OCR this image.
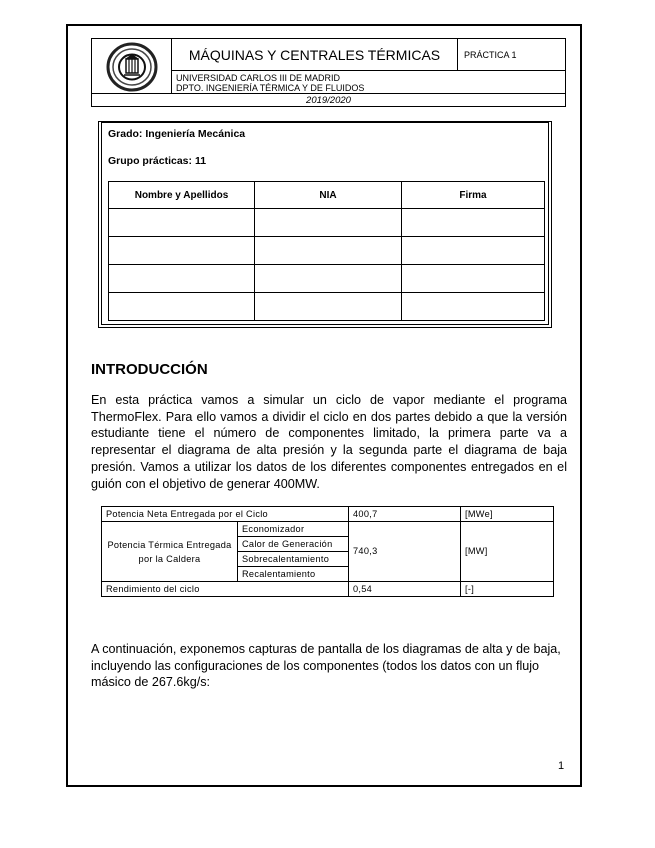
MÁQUINAS Y CENTRALES TÉRMICAS	PRÁCTICA 1
UNIVERSIDAD CARLOS III DE MADRID
DPTO. INGENIERÍA TÉRMICA Y DE FLUIDOS
2019/2020
Grado: Ingeniería Mecánica
Grupo prácticas: 11
Nombre y Apellidos	NIA	Firma

INTRODUCCIÓN
En esta práctica vamos a simular un ciclo de vapor mediante el programa ThermoFlex. Para ello vamos a dividir el ciclo en dos partes debido a que la versión estudiante tiene el número de componentes limitado, la primera parte va a representar el diagrama de alta presión y la segunda parte el diagrama de baja presión. Vamos a utilizar los datos de los diferentes componentes entregados en el guión con el objetivo de generar 400MW.
Potencia Neta Entregada por el Ciclo		400,7	[MWe]
Potencia Térmica Entregada por la Caldera	Economizador	740,3	[MW]
	Calor de Generación		
	Sobrecalentamiento		
	Recalentamiento		
Rendimiento del ciclo		0,54	[-]
A continuación, exponemos capturas de pantalla de los diagramas de alta y de baja, incluyendo las configuraciones de los componentes (todos los datos con un flujo másico de 267.6kg/s:
1
